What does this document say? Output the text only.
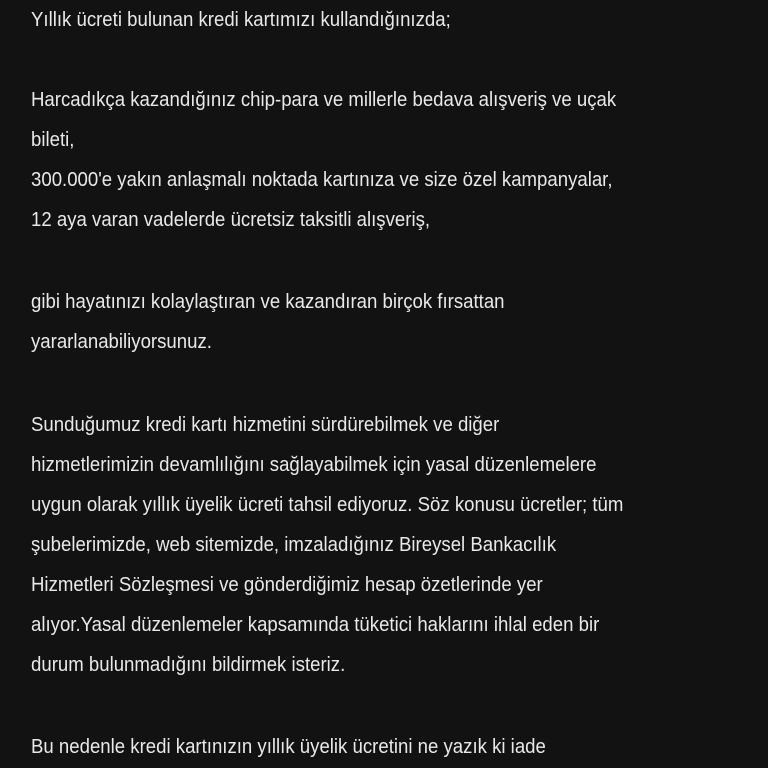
Yıllık ücreti bulunan kredi kartımızı kullandığınızda;
Harcadıkça kazandığınız chip-para ve millerle bedava alışveriş ve uçak
bileti,
300.000'e yakın anlaşmalı noktada kartınıza ve size özel kampanyalar,
12 aya varan vadelerde ücretsiz taksitli alışveriş,
gibi hayatınızı kolaylaştıran ve kazandıran birçok fırsattan
yararlanabiliyorsunuz.
Sunduğumuz kredi kartı hizmetini sürdürebilmek ve diğer
hizmetlerimizin devamlılığını sağlayabilmek için yasal düzenlemelere
uygun olarak yıllık üyelik ücreti tahsil ediyoruz. Söz konusu ücretler; tüm
şubelerimizde, web sitemizde, imzaladığınız Bireysel Bankacılık
Hizmetleri Sözleşmesi ve gönderdiğimiz hesap özetlerinde yer
alıyor.Yasal düzenlemeler kapsamında tüketici haklarını ihlal eden bir
durum bulunmadığını bildirmek isteriz.
Bu nedenle kredi kartınızın yıllık üyelik ücretini ne yazık ki iade
